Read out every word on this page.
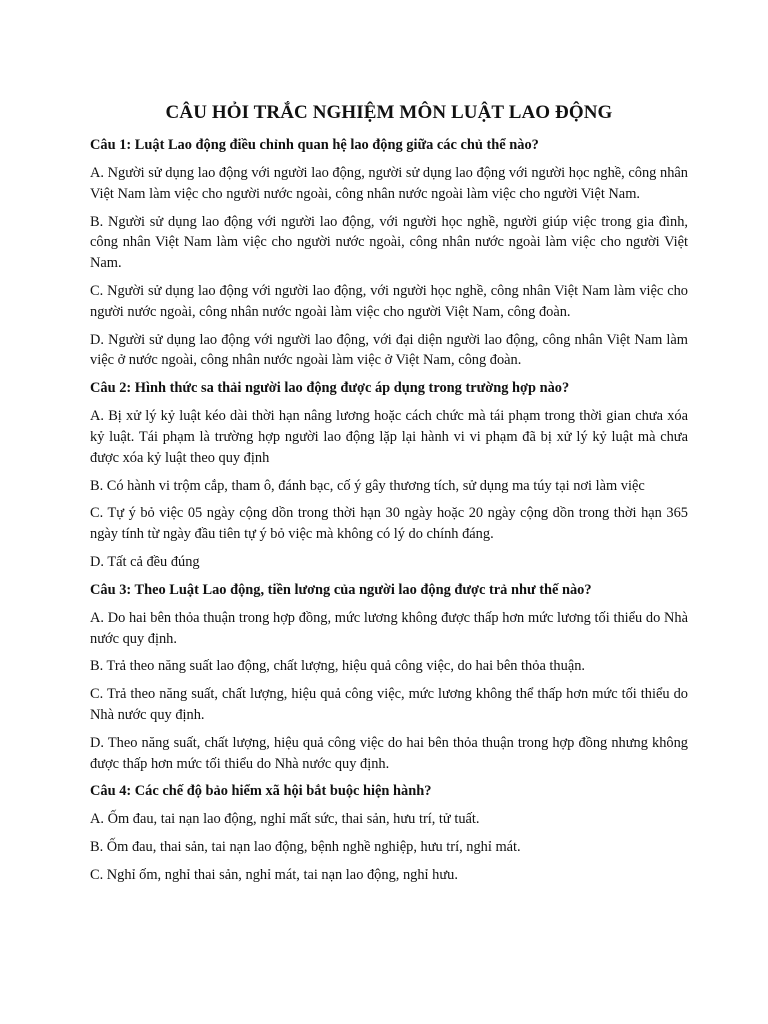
CÂU HỎI TRẮC NGHIỆM MÔN LUẬT LAO ĐỘNG

Câu 1: Luật Lao động điều chỉnh quan hệ lao động giữa các chủ thể nào?

A. Người sử dụng lao động với người lao động, người sử dụng lao động với người học nghề, công nhân Việt Nam làm việc cho người nước ngoài, công nhân nước ngoài làm việc cho người Việt Nam.

B. Người sử dụng lao động với người lao động, với người học nghề, người giúp việc trong gia đình, công nhân Việt Nam làm việc cho người nước ngoài, công nhân nước ngoài làm việc cho người Việt Nam.

C. Người sử dụng lao động với người lao động, với người học nghề, công nhân Việt Nam làm việc cho người nước ngoài, công nhân nước ngoài làm việc cho người Việt Nam, công đoàn.

D. Người sử dụng lao động với người lao động, với đại diện người lao động, công nhân Việt Nam làm việc ở nước ngoài, công nhân nước ngoài làm việc ở Việt Nam, công đoàn.

Câu 2: Hình thức sa thải người lao động được áp dụng trong trường hợp nào?

A. Bị xử lý kỷ luật kéo dài thời hạn nâng lương hoặc cách chức mà tái phạm trong thời gian chưa xóa kỷ luật. Tái phạm là trường hợp người lao động lặp lại hành vi vi phạm đã bị xử lý kỷ luật mà chưa được xóa kỷ luật theo quy định

B. Có hành vi trộm cắp, tham ô, đánh bạc, cố ý gây thương tích, sử dụng ma túy tại nơi làm việc

C. Tự ý bỏ việc 05 ngày cộng dồn trong thời hạn 30 ngày hoặc 20 ngày cộng dồn trong thời hạn 365 ngày tính từ ngày đầu tiên tự ý bỏ việc mà không có lý do chính đáng.

D. Tất cả đều đúng

Câu 3: Theo Luật Lao động, tiền lương của người lao động được trả như thế nào?

A. Do hai bên thỏa thuận trong hợp đồng, mức lương không được thấp hơn mức lương tối thiểu do Nhà nước quy định.

B. Trả theo năng suất lao động, chất lượng, hiệu quả công việc, do hai bên thỏa thuận.

C. Trả theo năng suất, chất lượng, hiệu quả công việc, mức lương không thể thấp hơn mức tối thiểu do Nhà nước quy định.

D. Theo năng suất, chất lượng, hiệu quả công việc do hai bên thỏa thuận trong hợp đồng nhưng không được thấp hơn mức tối thiểu do Nhà nước quy định.

Câu 4: Các chế độ bảo hiểm xã hội bắt buộc hiện hành?

A. Ốm đau, tai nạn lao động, nghỉ mất sức, thai sản, hưu trí, tử tuất.

B. Ốm đau, thai sản, tai nạn lao động, bệnh nghề nghiệp, hưu trí, nghỉ mát.

C. Nghỉ ốm, nghỉ thai sản, nghỉ mát, tai nạn lao động, nghỉ hưu.
